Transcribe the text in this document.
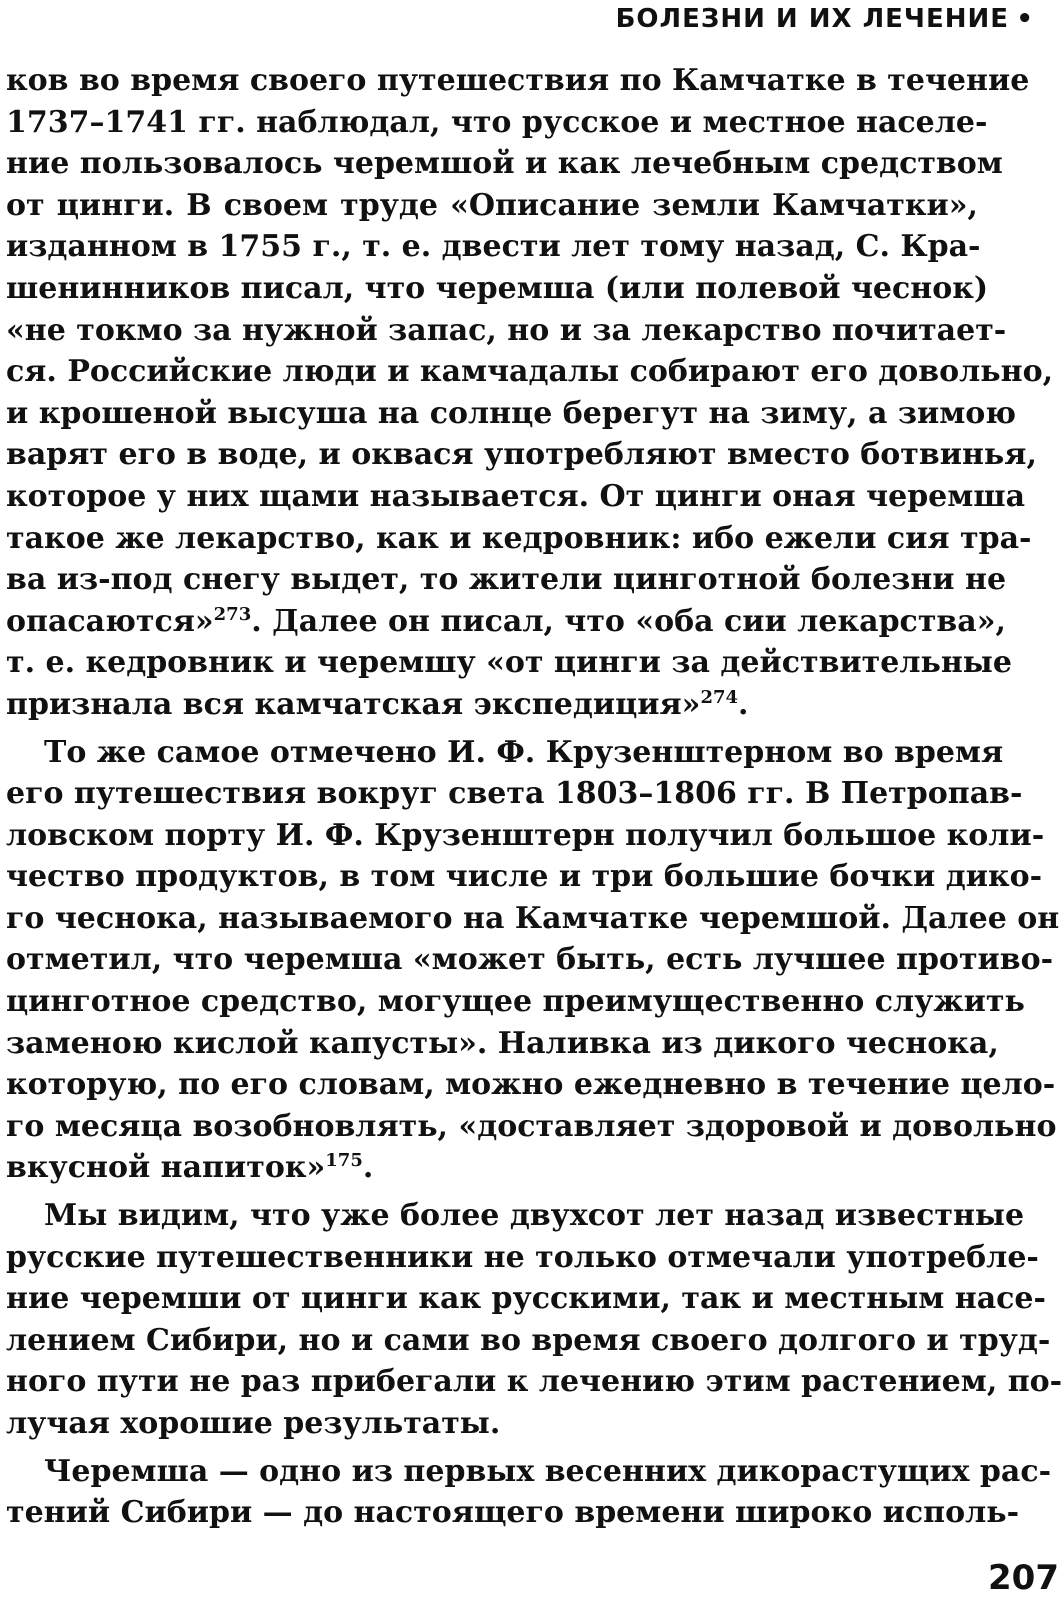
БОЛЕЗНИ И ИХ ЛЕЧЕНИЕ •
ков во время своего путешествия по Камчатке в течение
1737–1741 гг. наблюдал, что русское и местное населе-
ние пользовалось черемшой и как лечебным средством
от цинги. В своем труде «Описание земли Камчатки»,
изданном в 1755 г., т. е. двести лет тому назад, С. Кра-
шенинников писал, что черемша (или полевой чеснок)
«не токмо за нужной запас, но и за лекарство почитает-
ся. Российские люди и камчадалы собирают его довольно,
и крошеной высуша на солнце берегут на зиму, а зимою
варят его в воде, и оквася употребляют вместо ботвинья,
которое у них щами называется. От цинги оная черемша
такое же лекарство, как и кедровник: ибо ежели сия тра-
ва из-под снегу выдет, то жители цинготной болезни не
опасаются»$^{273}$. Далее он писал, что «оба сии лекарства»,
т. е. кедровник и черемшу «от цинги за действительные
признала вся камчатская экспедиция»$^{274}$.
То же самое отмечено И. Ф. Крузенштерном во время
его путешествия вокруг света 1803–1806 гг. В Петропав-
ловском порту И. Ф. Крузенштерн получил большое коли-
чество продуктов, в том числе и три большие бочки дико-
го чеснока, называемого на Камчатке черемшой. Далее он
отметил, что черемша «может быть, есть лучшее противо-
цинготное средство, могущее преимущественно служить
заменою кислой капусты». Наливка из дикого чеснока,
которую, по его словам, можно ежедневно в течение цело-
го месяца возобновлять, «доставляет здоровой и довольно
вкусной напиток»$^{175}$.
Мы видим, что уже более двухсот лет назад известные
русские путешественники не только отмечали употребле-
ние черемши от цинги как русскими, так и местным насе-
лением Сибири, но и сами во время своего долгого и труд-
ного пути не раз прибегали к лечению этим растением, по-
лучая хорошие результаты.
Черемша — одно из первых весенних дикорастущих рас-
тений Сибири — до настоящего времени широко исполь-
207
